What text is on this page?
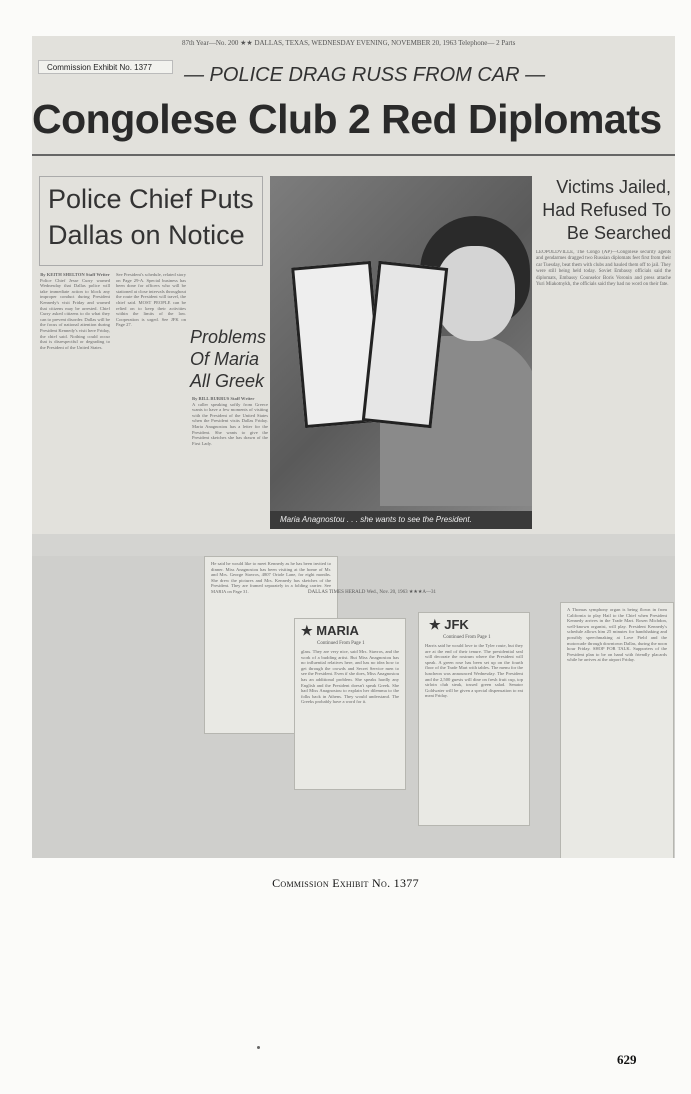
87th Year—No. 200 ★★ DALLAS, TEXAS, WEDNESDAY EVENING, NOVEMBER 20, 1963 Telephone— 2 Parts
Commission Exhibit No. 1377	— POLICE DRAG RUSS FROM CAR —
Congolese Club 2 Red Diplomats
Police Chief Puts Dallas on Notice
By KEITH SHELTON Staff Writer
Police Chief Jesse Curry warned Wednesday that Dallas police will take immediate action to block any improper conduct during President Kennedy's visit Friday and warned that citizens may be arrested. Chief Curry asked citizens to do what they can to prevent disorder. Dallas will be the focus of national attention during President Kennedy's visit here Friday, the chief said. Nothing could occur that is disrespectful or degrading to the President of the United States.
See President's schedule, related story on Page 29-A. Special business has been done for officers who will be stationed at close intervals throughout the route the President will travel, the chief said. MOST PEOPLE can be relied on to keep their activities within the limits of the law. Cooperation is urged. See JFK on Page 27.
Problems Of Maria All Greek
By BILL BURRUS Staff Writer
A caller speaking softly from Greece wants to have a few moments of visiting with the President of the United States when the President visits Dallas Friday. Maria Anagnostou has a letter for the President. She wants to give the President sketches she has drawn of the First Lady.
Maria Anagnostou . . . she wants to see the President.
Victims Jailed, Had Refused To Be Searched
LEOPOLDVILLE, The Congo (AP)—Congolese security agents and gendarmes dragged two Russian diplomats feet first from their car Tuesday, beat them with clubs and hauled them off to jail. They were still being held today. Soviet Embassy officials said the diplomats, Embassy Counselor Boris Voronin and press attache Yuri Miakotnykh, the officials said they had no word on their fate.
He said he would like to meet Kennedy as he has been invited to dinner. Miss Anagnostou has been visiting at the home of Mr. and Mrs. George Stavros, 4807 Oriole Lane, for eight months. She drew the pictures and Mrs. Kennedy has sketches of the President. They are framed separately in a folding carrier. See MARIA on Page 31.	DALLAS TIMES HERALD Wed., Nov. 20, 1963 ★★★A—31
★ MARIA
Continued From Page 1
glass. They are very nice, said Mrs. Stavros, and the work of a budding artist. But Miss Anagnostou has no influential relatives here, and has no idea how to get through the crowds and Secret Service men to see the President. Even if she does, Miss Anagnostou has an additional problem. She speaks hardly any English and the President doesn't speak Greek. She had Miss Anagnostou to explain her dilemma to the folks back in Athens. They would understand. The Greeks probably have a word for it.
★ JFK
Continued From Page 1
Harris said he would love to the Tyler route, but they are at the end of their tenure. The presidential seal will decorate the rostrum where the President will speak. A green rose has been set up on the fourth floor of the Trade Mart with tables. The menu for the luncheon was announced Wednesday. The President and the 2,500 guests will dine on fresh fruit cup, top sirloin club steak, tossed green salad. Senator Goldwater will be given a special dispensation to eat meat Friday.
A Thomas symphony organ is being flown in from California to play Hail to the Chief when President Kennedy arrives in the Trade Mart. Rosen Michdon, well-known organist, will play. President Kennedy's schedule allows him 25 minutes for handshaking and possibly speechmaking at Love Field and the motorcade through downtown Dallas, during the noon hour Friday. SHOP FOR TALK. Supporters of the President plan to be on hand with friendly placards while he arrives at the airport Friday.
Commission Exhibit No. 1377
629
